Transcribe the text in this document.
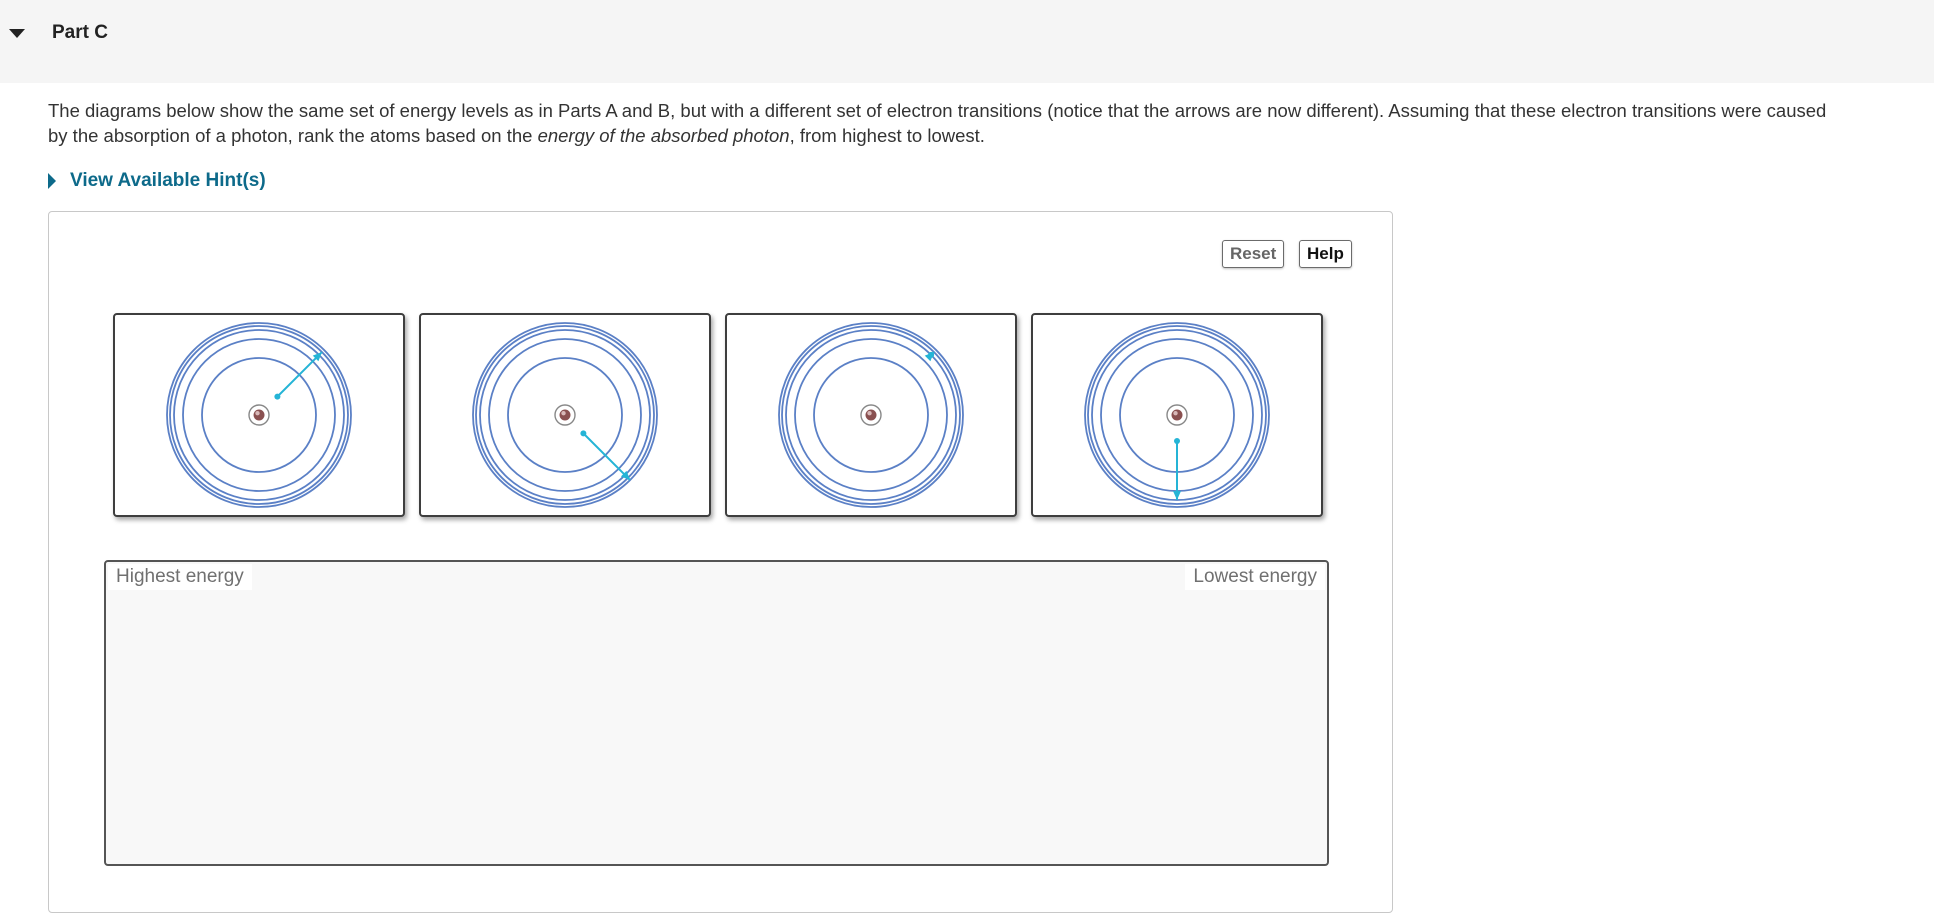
Part C

The diagrams below show the same set of energy levels as in Parts A and B, but with a different set of electron transitions (notice that the arrows are now different). Assuming that these electron transitions were caused

by the absorption of a photon, rank the atoms based on the energy of the absorbed photon, from highest to lowest.

View Available Hint(s)
Reset	Help
Highest energy	Lowest energy
